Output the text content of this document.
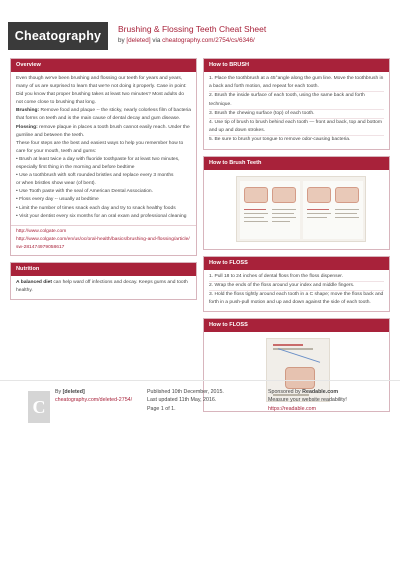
Cheatography	Brushing & Flossing Teeth Cheat Sheet
by [deleted] via cheatography.com/2754/cs/6346/
Overview

Even though we've been brushing and flossing our teeth for years and years, many of us are surprised to learn that we're not doing it properly. Case in point: Did you know that proper brushing takes at least two minutes? Most adults do not come close to brushing that long.

Brushing: Remove food and plaque -- the sticky, nearly colorless film of bacteria that forms on teeth and is the main cause of dental decay and gum disease.

Flossing: remove plaque in places a tooth brush cannot easily reach. Under the gumline and between the teeth.

These four steps are the best and easiest ways to help you remember how to care for your mouth, teeth and gums:

• Brush at least twice a day with fluoride toothpaste for at least two minutes, especially first thing in the morning and before bedtime

• Use a toothbrush with soft rounded bristles and replace every 3 months

or when bristles show wear (of bent).

• Use Tooth paste with the seal of American Dental Association.

• Floss every day -- usually at bedtime

• Limit the number of times snack each day and try to snack healthy foods

• Visit your dentist every six months for an oral exam and professional cleaning

http://www.colgate.com
http://www.colgate.com/en/us/oc/oral-health/basics/brushing-and-flossing/article/sw-281474979058617
Nutrition

A balanced diet can help ward off infections and decay. Keeps gums and tooth healthy.

How to BRUSH
1. Place the toothbrush at a 45°angle along the gum line. Move the toothbrush in a back and forth motion, and repeat for each tooth.
2. Brush the inside surface of each tooth, using the same back and forth technique.
3. Brush the chewing surface (top) of each tooth.
4. Use tip of brush to brush behind each tooth — front and back, top and bottom and up and down strokes.
5. Be sure to brush your tongue to remove odor-causing bacteria.
How to Brush Teeth
How to FLOSS
1. Pull 18 to 24 inches of dental floss from the floss dispenser.
2. Wrap the ends of the floss around your index and middle fingers.
3. Hold the floss tightly around each tooth in a C shape; move the floss back and forth in a push-pull motion and up and down against the side of each tooth.
How to FLOSS
C
By [deleted]
cheatography.com/deleted-2754/
Published 10th December, 2015.
Last updated 11th May, 2016.
Page 1 of 1.
Sponsored by Readable.com
Measure your website readability!
https://readable.com
